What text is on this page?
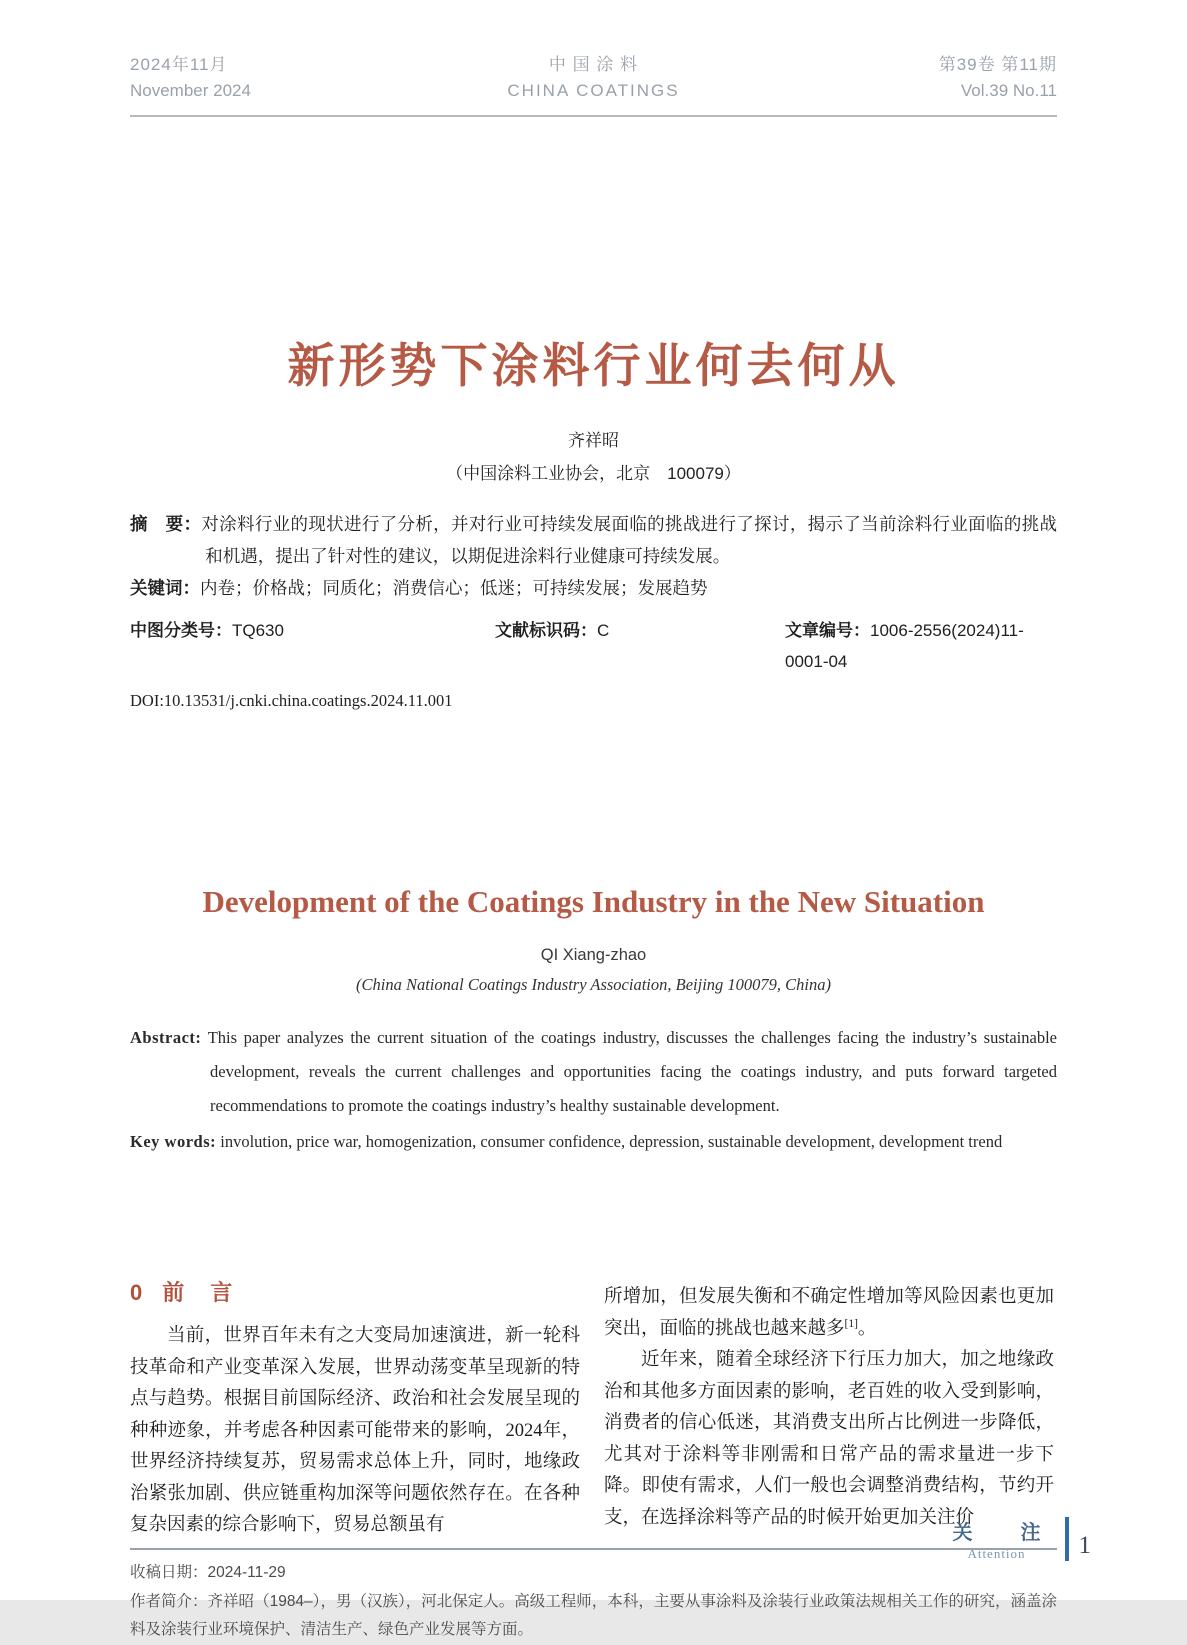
2024年11月
November 2024
中 国 涂 料
CHINA COATINGS
第39卷 第11期
Vol.39 No.11
新形势下涂料行业何去何从
齐祥昭
（中国涂料工业协会，北京　100079）

摘　要：对涂料行业的现状进行了分析，并对行业可持续发展面临的挑战进行了探讨，揭示了当前涂料行业面临的挑战和机遇，提出了针对性的建议，以期促进涂料行业健康可持续发展。

关键词：内卷；价格战；同质化；消费信心；低迷；可持续发展；发展趋势

中图分类号：TQ630	文献标识码：C	文章编号：1006-2556(2024)11-0001-04
DOI:10.13531/j.cnki.china.coatings.2024.11.001
Development of the Coatings Industry in the New Situation
QI Xiang-zhao
(China National Coatings Industry Association, Beijing 100079, China)

Abstract: This paper analyzes the current situation of the coatings industry, discusses the challenges facing the industry’s sustainable development, reveals the current challenges and opportunities facing the coatings industry, and puts forward targeted recommendations to promote the coatings industry’s healthy sustainable development.

Key words: involution, price war, homogenization, consumer confidence, depression, sustainable development, development trend

0 前　言

当前，世界百年未有之大变局加速演进，新一轮科技革命和产业变革深入发展，世界动荡变革呈现新的特点与趋势。根据目前国际经济、政治和社会发展呈现的种种迹象，并考虑各种因素可能带来的影响，2024年，世界经济持续复苏，贸易需求总体上升，同时，地缘政治紧张加剧、供应链重构加深等问题依然存在。在各种复杂因素的综合影响下，贸易总额虽有

所增加，但发展失衡和不确定性增加等风险因素也更加突出，面临的挑战也越来越多[1]。

近年来，随着全球经济下行压力加大，加之地缘政治和其他多方面因素的影响，老百姓的收入受到影响，消费者的信心低迷，其消费支出所占比例进一步降低，尤其对于涂料等非刚需和日常产品的需求量进一步下降。即使有需求，人们一般也会调整消费结构，节约开支，在选择涂料等产品的时候开始更加关注价

收稿日期：2024-11-29
作者简介：齐祥昭（1984–），男（汉族），河北保定人。高级工程师，本科，主要从事涂料及涂装行业政策法规相关工作的研究，涵盖涂料及涂装行业环境保护、清洁生产、绿色产业发展等方面。
关　注
Attention	1
